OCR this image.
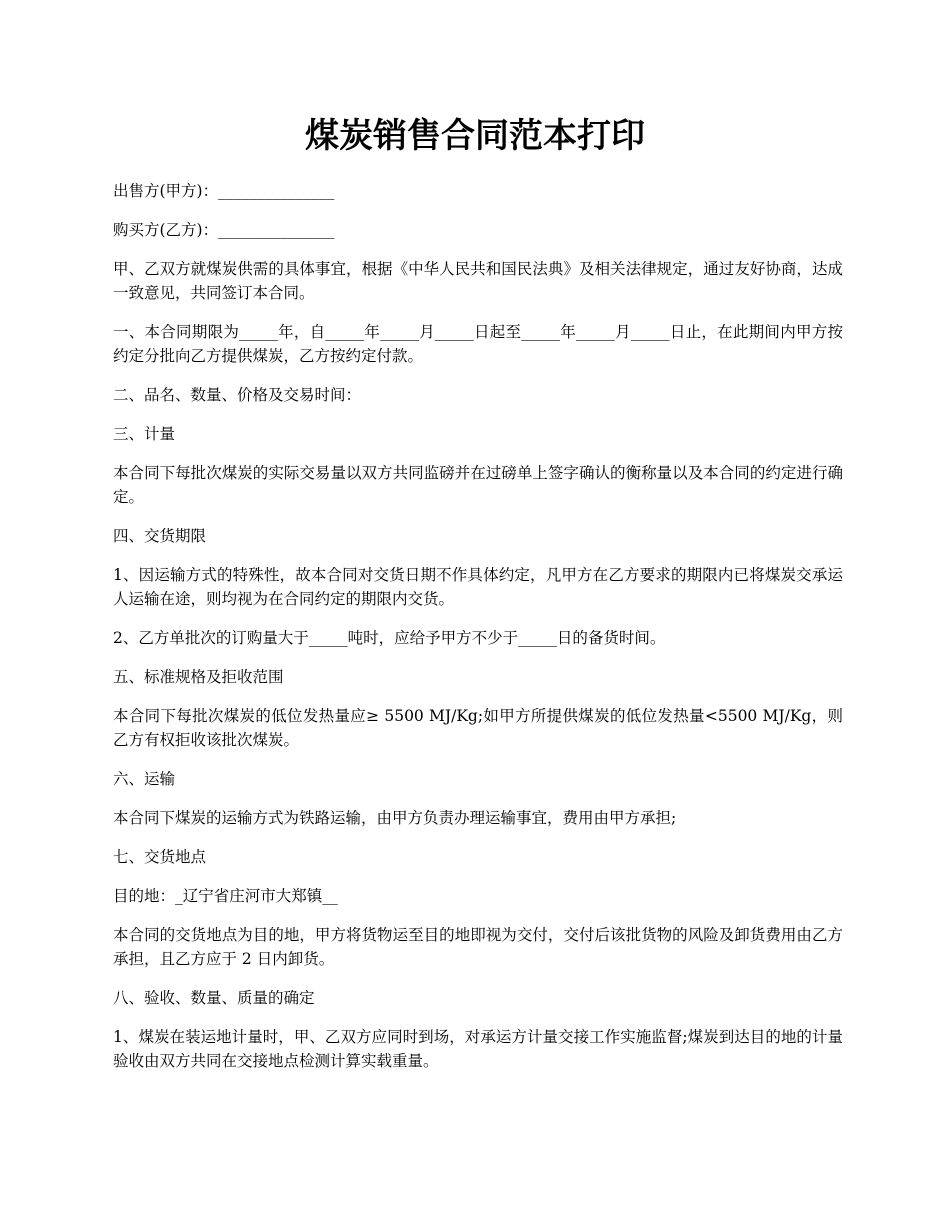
煤炭销售合同范本打印

出售方(甲方)：_______________

购买方(乙方)：_______________

甲、乙双方就煤炭供需的具体事宜，根据《中华人民共和国民法典》及相关法律规定，通过友好协商，达成一致意见，共同签订本合同。

一、本合同期限为_____年，自_____年_____月_____日起至_____年_____月_____日止，在此期间内甲方按约定分批向乙方提供煤炭，乙方按约定付款。

二、品名、数量、价格及交易时间：

三、计量

本合同下每批次煤炭的实际交易量以双方共同监磅并在过磅单上签字确认的衡称量以及本合同的约定进行确定。

四、交货期限

1、因运输方式的特殊性，故本合同对交货日期不作具体约定，凡甲方在乙方要求的期限内已将煤炭交承运人运输在途，则均视为在合同约定的期限内交货。

2、乙方单批次的订购量大于_____吨时，应给予甲方不少于_____日的备货时间。

五、标准规格及拒收范围

本合同下每批次煤炭的低位发热量应≥ 5500 MJ/Kg;如甲方所提供煤炭的低位发热量<5500 MJ/Kg，则乙方有权拒收该批次煤炭。

六、运输

本合同下煤炭的运输方式为铁路运输，由甲方负责办理运输事宜，费用由甲方承担;

七、交货地点

目的地：_辽宁省庄河市大郑镇__

本合同的交货地点为目的地，甲方将货物运至目的地即视为交付，交付后该批货物的风险及卸货费用由乙方承担，且乙方应于 2 日内卸货。

八、验收、数量、质量的确定

1、煤炭在装运地计量时，甲、乙双方应同时到场，对承运方计量交接工作实施监督;煤炭到达目的地的计量验收由双方共同在交接地点检测计算实载重量。
